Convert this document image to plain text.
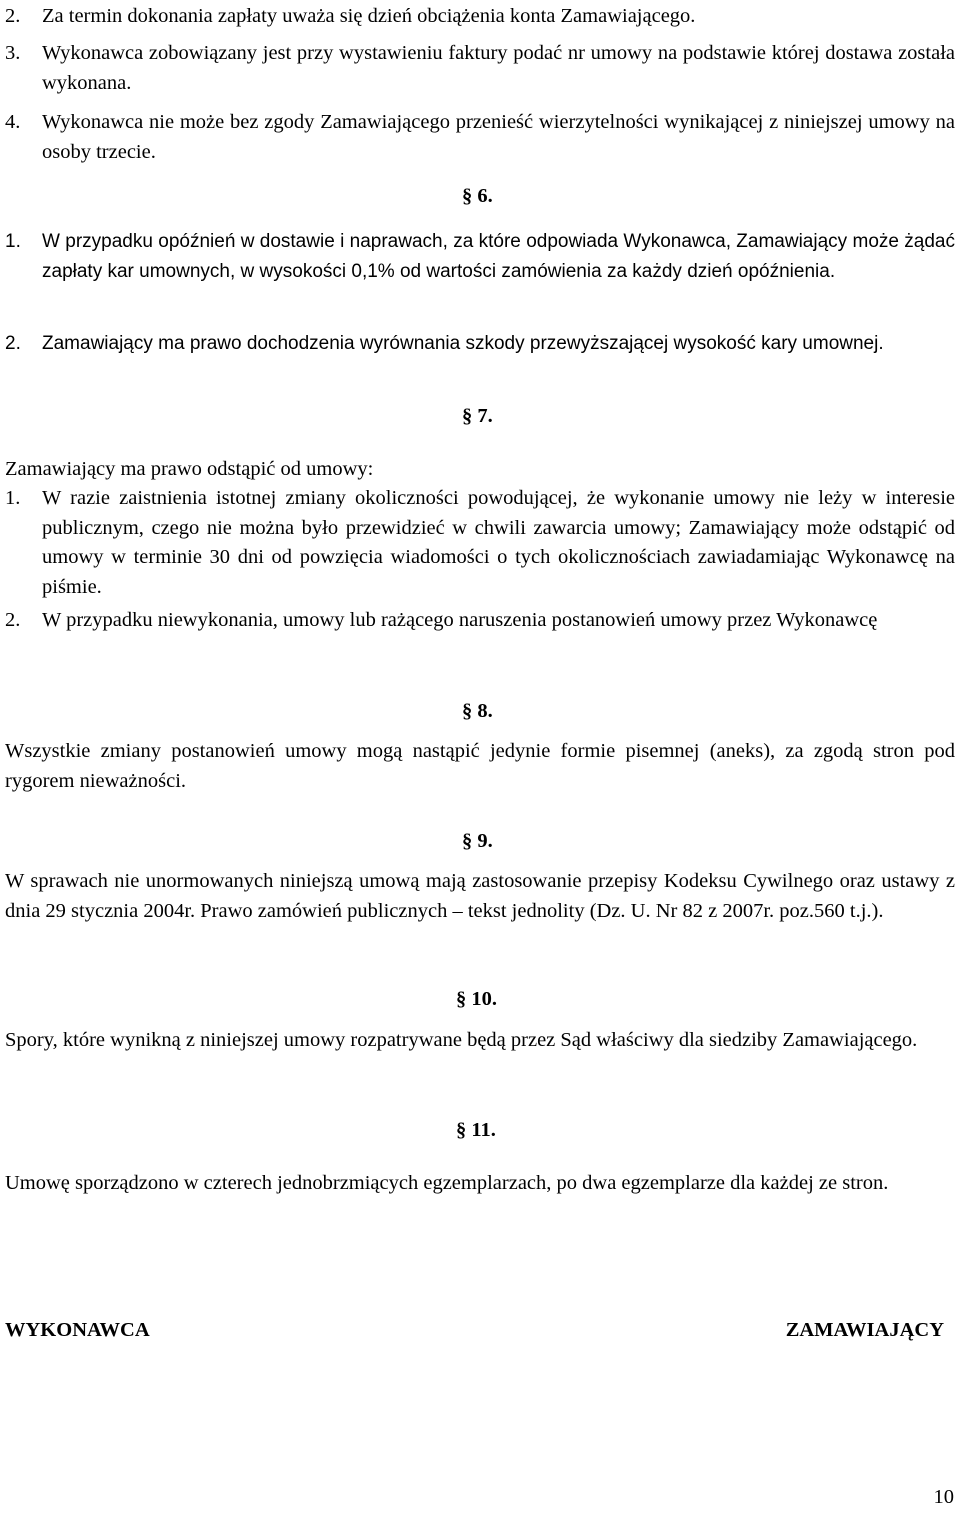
2. Za termin dokonania zapłaty uważa się dzień obciążenia konta Zamawiającego.
3. Wykonawca zobowiązany jest przy wystawieniu faktury podać nr umowy na podstawie której dostawa została wykonana.
4. Wykonawca nie może bez zgody Zamawiającego przenieść wierzytelności wynikającej z niniejszej umowy na osoby trzecie.
§ 6.
1. W przypadku opóźnień w dostawie i naprawach, za które odpowiada Wykonawca, Zamawiający może żądać zapłaty kar umownych, w wysokości 0,1% od wartości zamówienia za każdy dzień opóźnienia.
2. Zamawiający ma prawo dochodzenia wyrównania szkody przewyższającej wysokość kary umownej.
§ 7.
Zamawiający ma prawo odstąpić od umowy:
1. W razie zaistnienia istotnej zmiany okoliczności powodującej, że wykonanie umowy nie leży w interesie publicznym, czego nie można było przewidzieć w chwili zawarcia umowy; Zamawiający może odstąpić od umowy w terminie 30 dni od powzięcia wiadomości o tych okolicznościach zawiadamiając Wykonawcę na piśmie.
2. W przypadku niewykonania, umowy lub rażącego naruszenia postanowień umowy przez Wykonawcę
§ 8.
Wszystkie zmiany postanowień umowy mogą nastąpić jedynie formie pisemnej (aneks), za zgodą stron pod rygorem nieważności.
§ 9.
W sprawach nie unormowanych niniejszą umową mają zastosowanie przepisy Kodeksu Cywilnego oraz ustawy z dnia 29 stycznia 2004r. Prawo zamówień publicznych – tekst jednolity (Dz. U. Nr 82 z 2007r. poz.560 t.j.).
§ 10.
Spory, które wynikną z niniejszej umowy rozpatrywane będą przez Sąd właściwy dla siedziby Zamawiającego.
§ 11.
Umowę sporządzono w czterech jednobrzmiących egzemplarzach, po dwa egzemplarze dla każdej ze stron.
WYKONAWCA	ZAMAWIAJĄCY
10
